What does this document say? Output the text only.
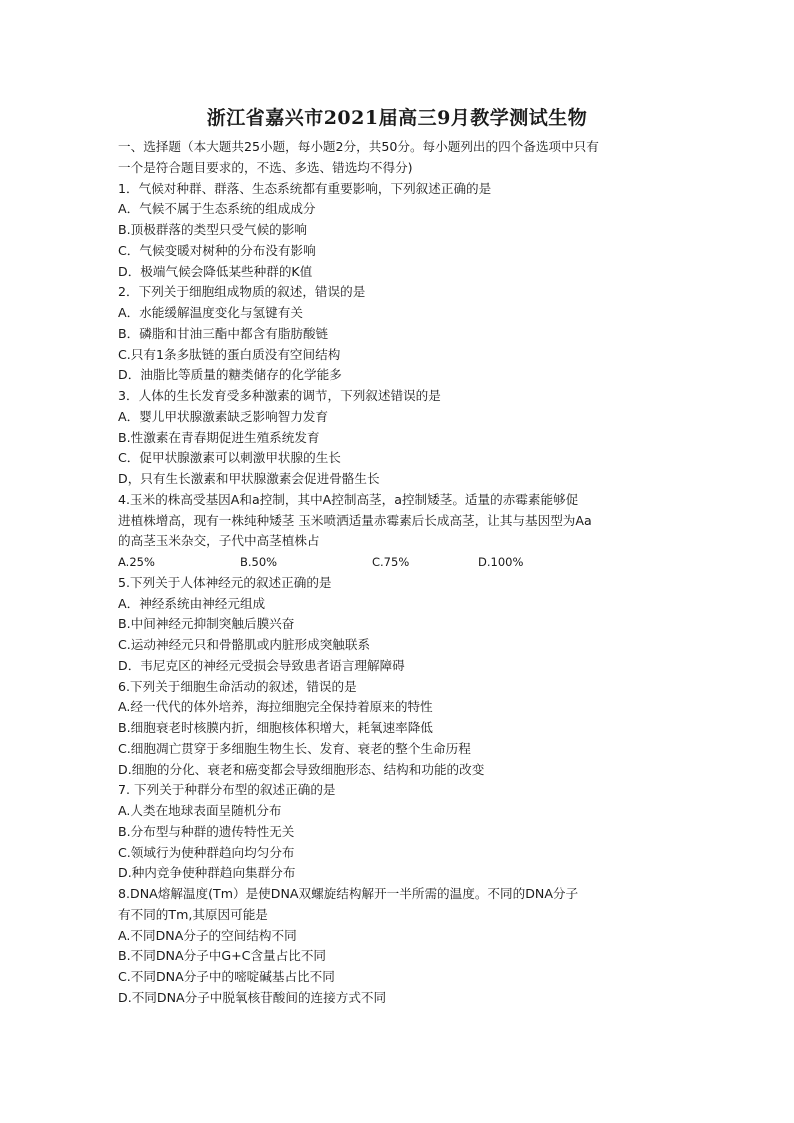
浙江省嘉兴市2021届高三9月教学测试生物
一、选择题（本大题共25小题，每小题2分，共50分。每小题列出的四个备选项中只有
一个是符合题目要求的，不选、多选、错选均不得分)
1．气候对种群、群落、生态系统都有重要影响，下列叙述正确的是
A．气候不属于生态系统的组成成分
B.顶极群落的类型只受气候的影响
C．气候变暖对树种的分布没有影响
D．极端气候会降低某些种群的K值
2．下列关于细胞组成物质的叙述，错误的是
A．水能缓解温度变化与氢键有关
B．磷脂和甘油三酯中都含有脂肪酸链
C.只有1条多肽链的蛋白质没有空间结构
D．油脂比等质量的糖类储存的化学能多
3．人体的生长发育受多种激素的调节，下列叙述错误的是
A．婴儿甲状腺激素缺乏影响智力发育
B.性激素在青春期促进生殖系统发育
C．促甲状腺激素可以刺激甲状腺的生长
D，只有生长激素和甲状腺激素会促进骨骼生长
4.玉米的株高受基因A和a控制，其中A控制高茎，a控制矮茎。适量的赤霉素能够促
进植株增高，现有一株纯种矮茎 玉米喷洒适量赤霉素后长成高茎，让其与基因型为Aa
的高茎玉米杂交，子代中高茎植株占
A.25%	B.50%	C.75%	D.100%
5.下列关于人体神经元的叙述正确的是
A．神经系统由神经元组成
B.中间神经元抑制突触后膜兴奋
C.运动神经元只和骨骼肌或内脏形成突触联系
D．韦尼克区的神经元受损会导致患者语言理解障碍
6.下列关于细胞生命活动的叙述，错误的是
A.经一代代的体外培养，海拉细胞完全保持着原来的特性
B.细胞衰老时核膜内折，细胞核体积增大，耗氧速率降低
C.细胞凋亡贯穿于多细胞生物生长、发育、衰老的整个生命历程
D.细胞的分化、衰老和癌变都会导致细胞形态、结构和功能的改变
7. 下列关于种群分布型的叙述正确的是
A.人类在地球表面呈随机分布
B.分布型与种群的遗传特性无关
C.领域行为使种群趋向均匀分布
D.种内竞争使种群趋向集群分布
8.DNA熔解温度(Tm）是使DNA双螺旋结构解开一半所需的温度。不同的DNA分子
有不同的Tm,其原因可能是
A.不同DNA分子的空间结构不同
B.不同DNA分子中G+C含量占比不同
C.不同DNA分子中的嘧啶碱基占比不同
D.不同DNA分子中脱氧核苷酸间的连接方式不同
